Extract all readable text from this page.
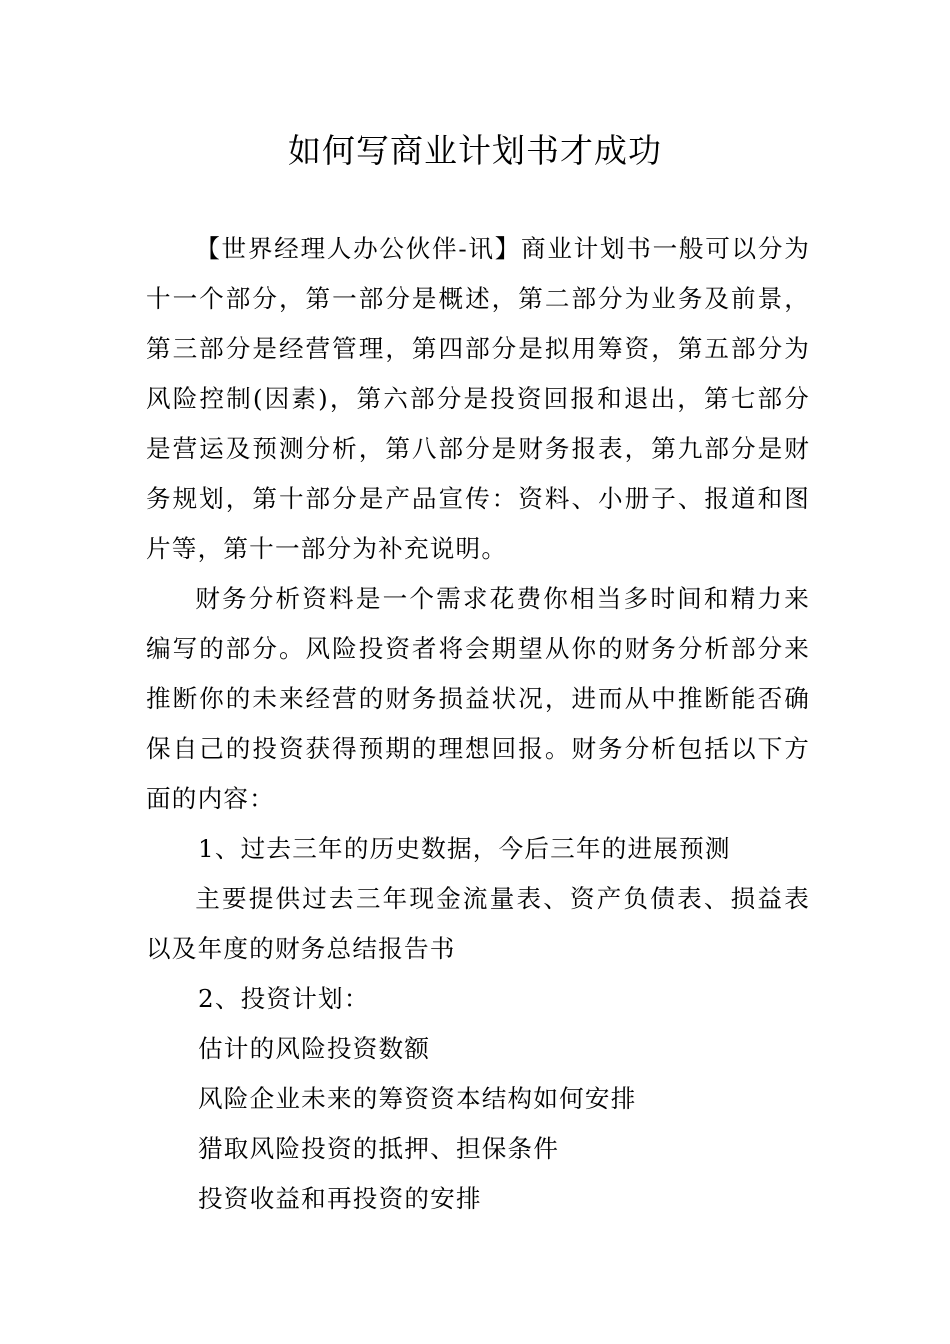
如何写商业计划书才成功

【世界经理人办公伙伴-讯】商业计划书一般可以分为十一个部分，第一部分是概述，第二部分为业务及前景，第三部分是经营管理，第四部分是拟用筹资，第五部分为风险控制(因素)，第六部分是投资回报和退出，第七部分是营运及预测分析，第八部分是财务报表，第九部分是财务规划，第十部分是产品宣传：资料、小册子、报道和图片等，第十一部分为补充说明。

财务分析资料是一个需求花费你相当多时间和精力来编写的部分。风险投资者将会期望从你的财务分析部分来推断你的未来经营的财务损益状况，进而从中推断能否确保自己的投资获得预期的理想回报。财务分析包括以下方面的内容：

1、过去三年的历史数据，今后三年的进展预测

主要提供过去三年现金流量表、资产负债表、损益表以及年度的财务总结报告书

2、投资计划：

估计的风险投资数额

风险企业未来的筹资资本结构如何安排

猎取风险投资的抵押、担保条件

投资收益和再投资的安排
